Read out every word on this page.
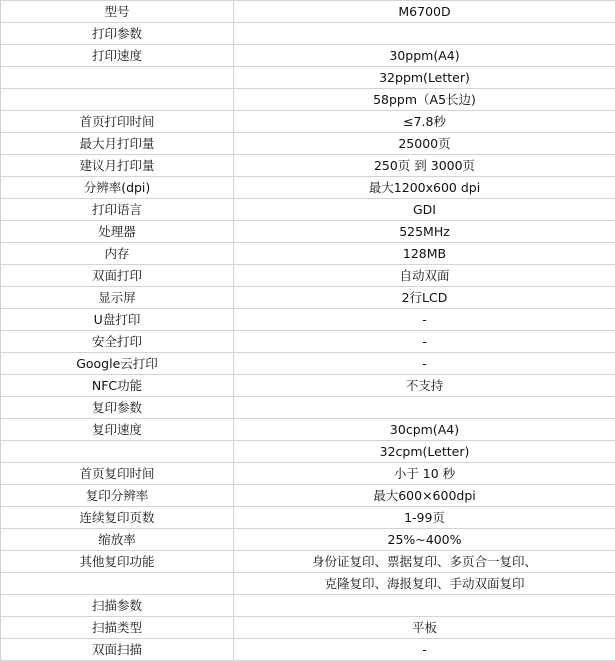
型号	M6700D
打印参数	
打印速度	30ppm(A4)
	32ppm(Letter)
	58ppm（A5长边)
首页打印时间	≤7.8秒
最大月打印量	25000页
建议月打印量	250页 到 3000页
分辨率(dpi)	最大1200x600 dpi
打印语言	GDI
处理器	525MHz
内存	128MB
双面打印	自动双面
显示屏	2行LCD
U盘打印	-
安全打印	-
Google云打印	-
NFC功能	不支持
复印参数	
复印速度	30cpm(A4)
	32cpm(Letter)
首页复印时间	小于 10 秒
复印分辨率	最大600×600dpi
连续复印页数	1-99页
缩放率	25%~400%
其他复印功能	身份证复印、票据复印、多页合一复印、
	克隆复印、海报复印、手动双面复印
扫描参数	
扫描类型	平板
双面扫描	-
